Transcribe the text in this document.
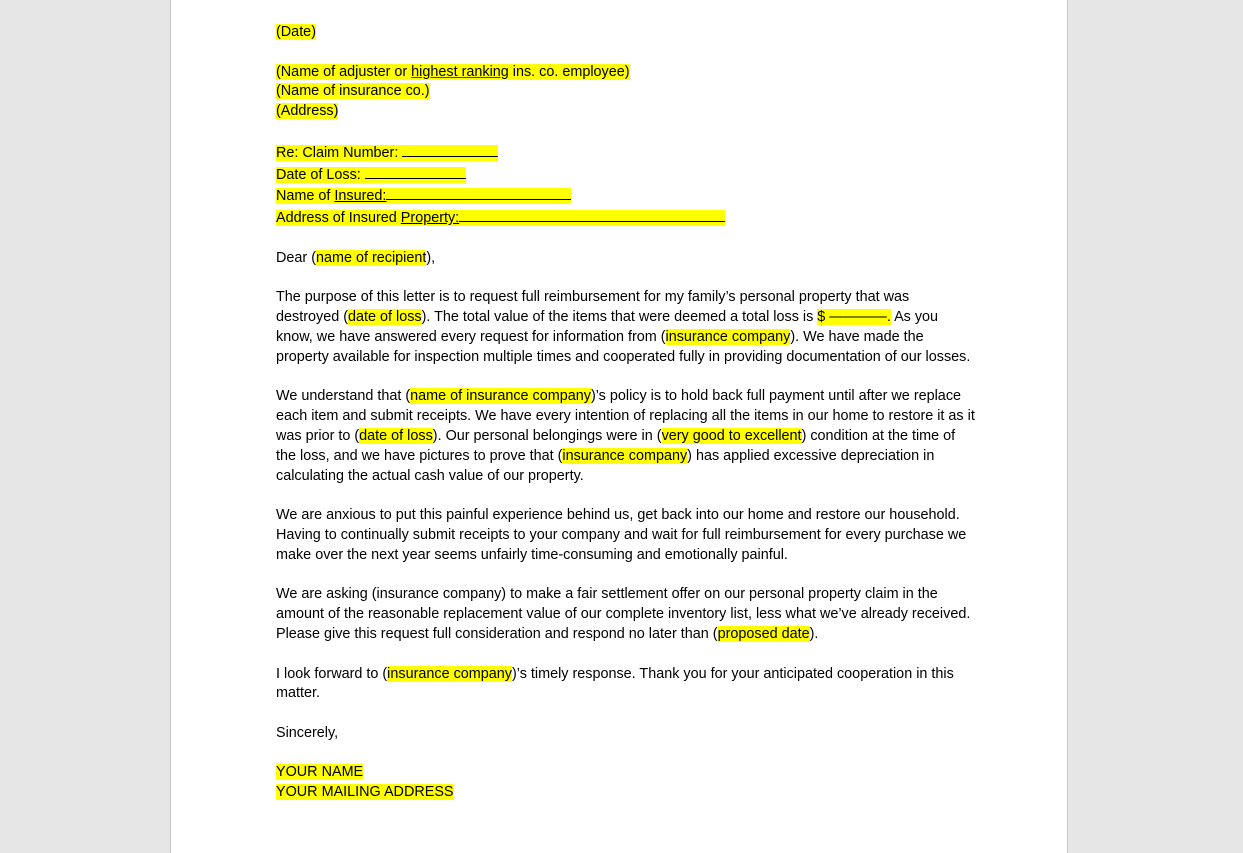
(Date)

(Name of adjuster or highest ranking ins. co. employee)
(Name of insurance co.)
(Address)

Re: Claim Number:
Date of Loss:
Name of Insured:
Address of Insured Property:

Dear (name of recipient),

The purpose of this letter is to request full reimbursement for my family’s personal property that was destroyed (date of loss). The total value of the items that were deemed a total loss is $ ————. As you know, we have answered every request for information from (insurance company). We have made the property available for inspection multiple times and cooperated fully in providing documentation of our losses.

We understand that (name of insurance company)’s policy is to hold back full payment until after we replace each item and submit receipts. We have every intention of replacing all the items in our home to restore it as it was prior to (date of loss). Our personal belongings were in (very good to excellent) condition at the time of the loss, and we have pictures to prove that (insurance company) has applied excessive depreciation in calculating the actual cash value of our property.

We are anxious to put this painful experience behind us, get back into our home and restore our household. Having to continually submit receipts to your company and wait for full reimbursement for every purchase we make over the next year seems unfairly time-consuming and emotionally painful.

We are asking (insurance company) to make a fair settlement offer on our personal property claim in the amount of the reasonable replacement value of our complete inventory list, less what we’ve already received. Please give this request full consideration and respond no later than (proposed date).

I look forward to (insurance company)’s timely response. Thank you for your anticipated cooperation in this matter.

Sincerely,

YOUR NAME
YOUR MAILING ADDRESS
